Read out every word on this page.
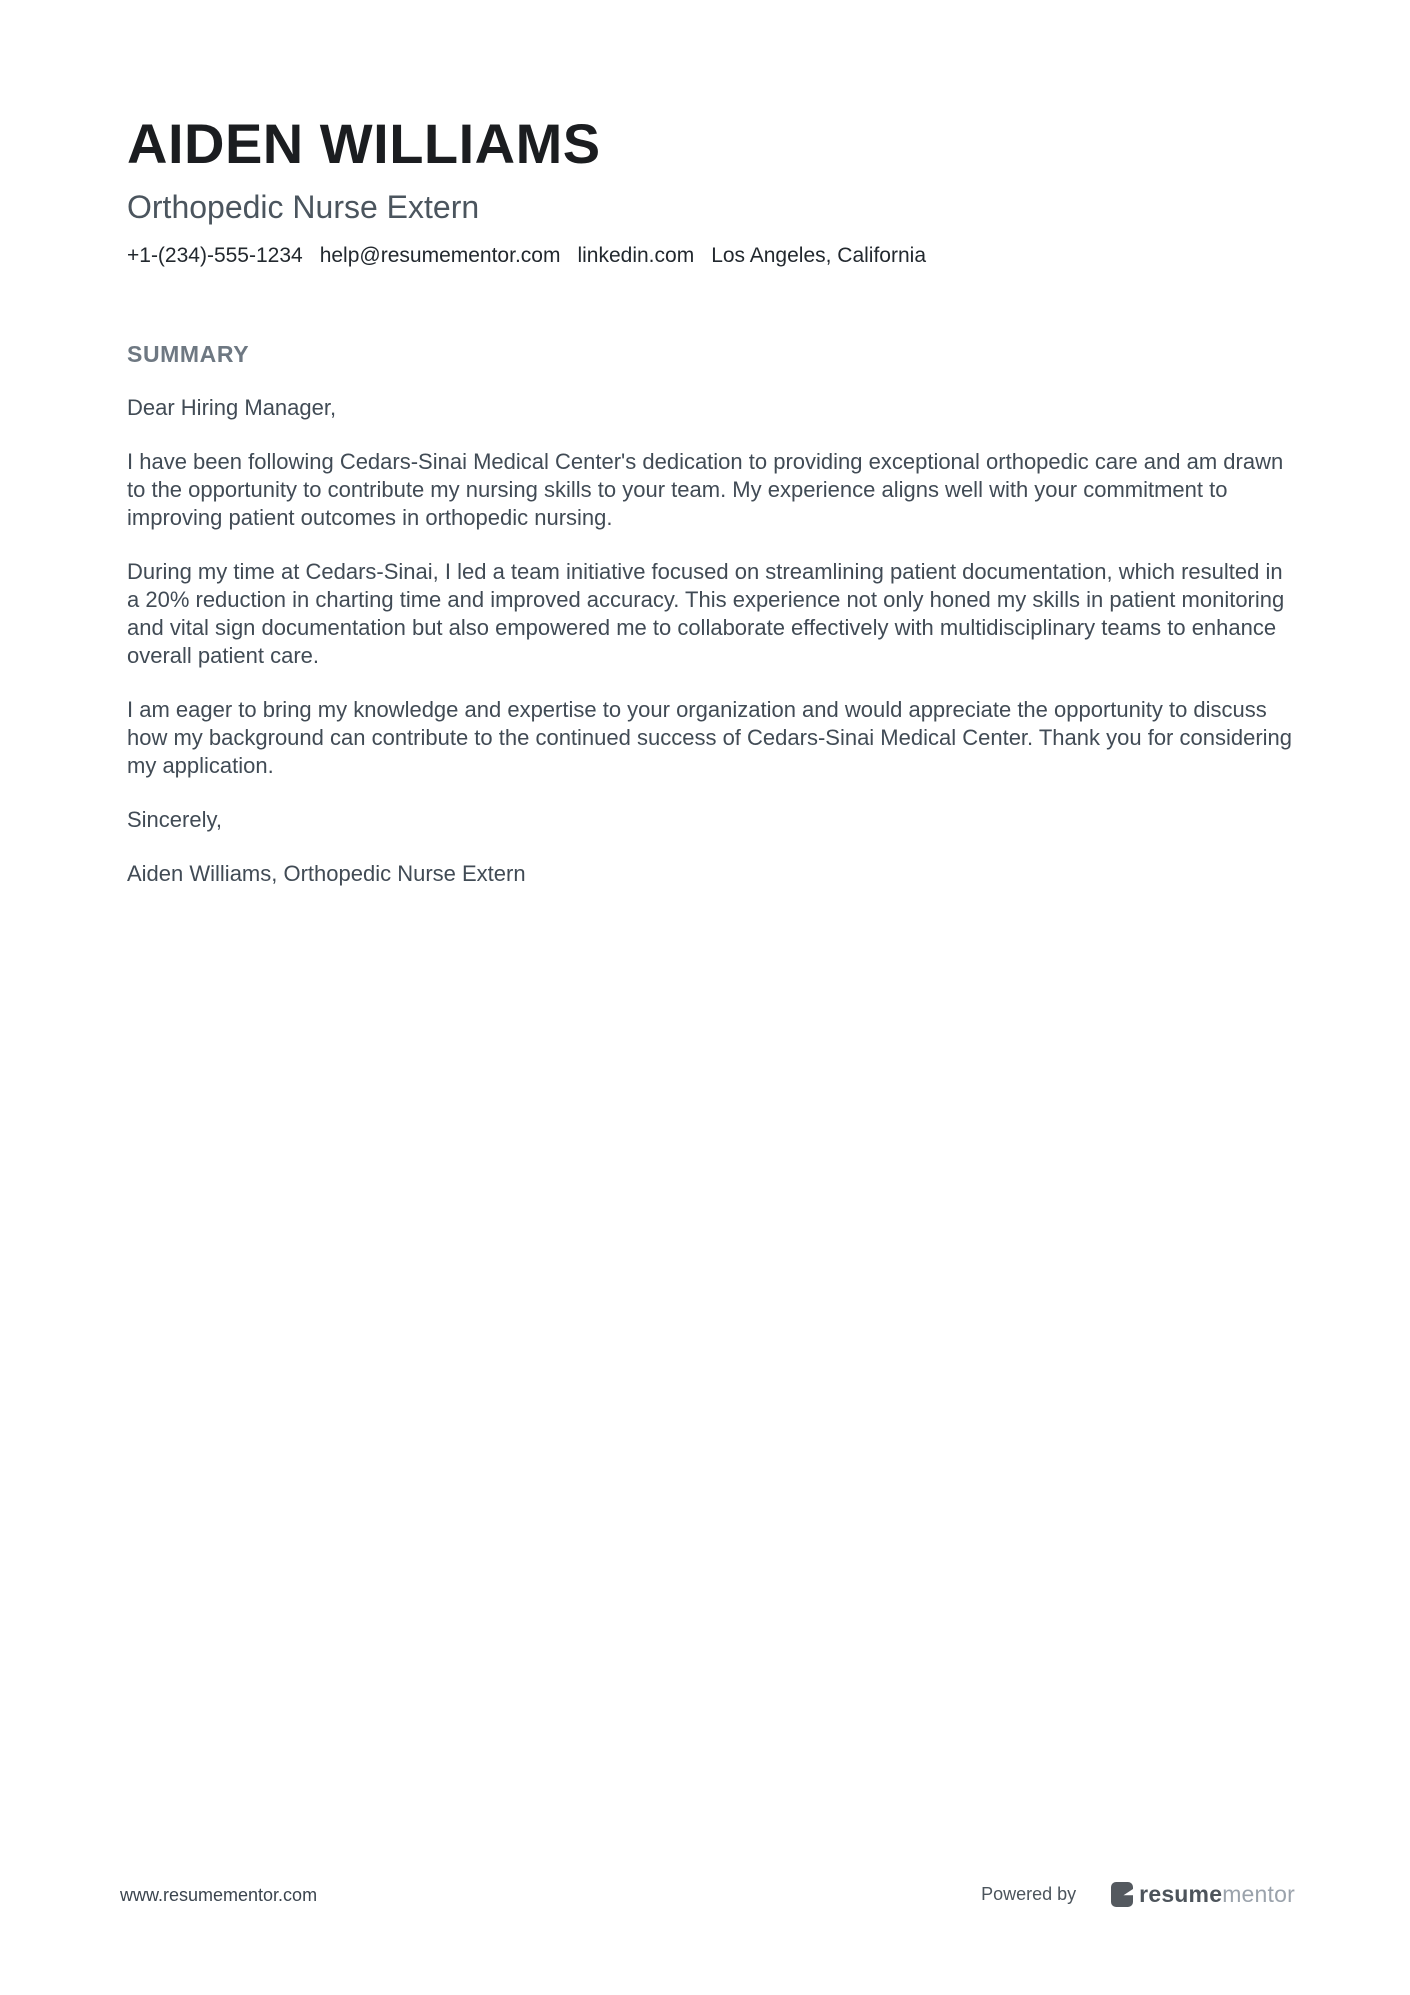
AIDEN WILLIAMS
Orthopedic Nurse Extern
+1-(234)-555-1234 help@resumementor.com linkedin.com Los Angeles, California
SUMMARY

Dear Hiring Manager,

I have been following Cedars-Sinai Medical Center's dedication to providing exceptional orthopedic care and am drawn to the opportunity to contribute my nursing skills to your team. My experience aligns well with your commitment to improving patient outcomes in orthopedic nursing.

During my time at Cedars-Sinai, I led a team initiative focused on streamlining patient documentation, which resulted in a 20% reduction in charting time and improved accuracy. This experience not only honed my skills in patient monitoring and vital sign documentation but also empowered me to collaborate effectively with multidisciplinary teams to enhance overall patient care.

I am eager to bring my knowledge and expertise to your organization and would appreciate the opportunity to discuss how my background can contribute to the continued success of Cedars-Sinai Medical Center. Thank you for considering my application.

Sincerely,

Aiden Williams, Orthopedic Nurse Extern

www.resumementor.com	Powered by	resumementor
